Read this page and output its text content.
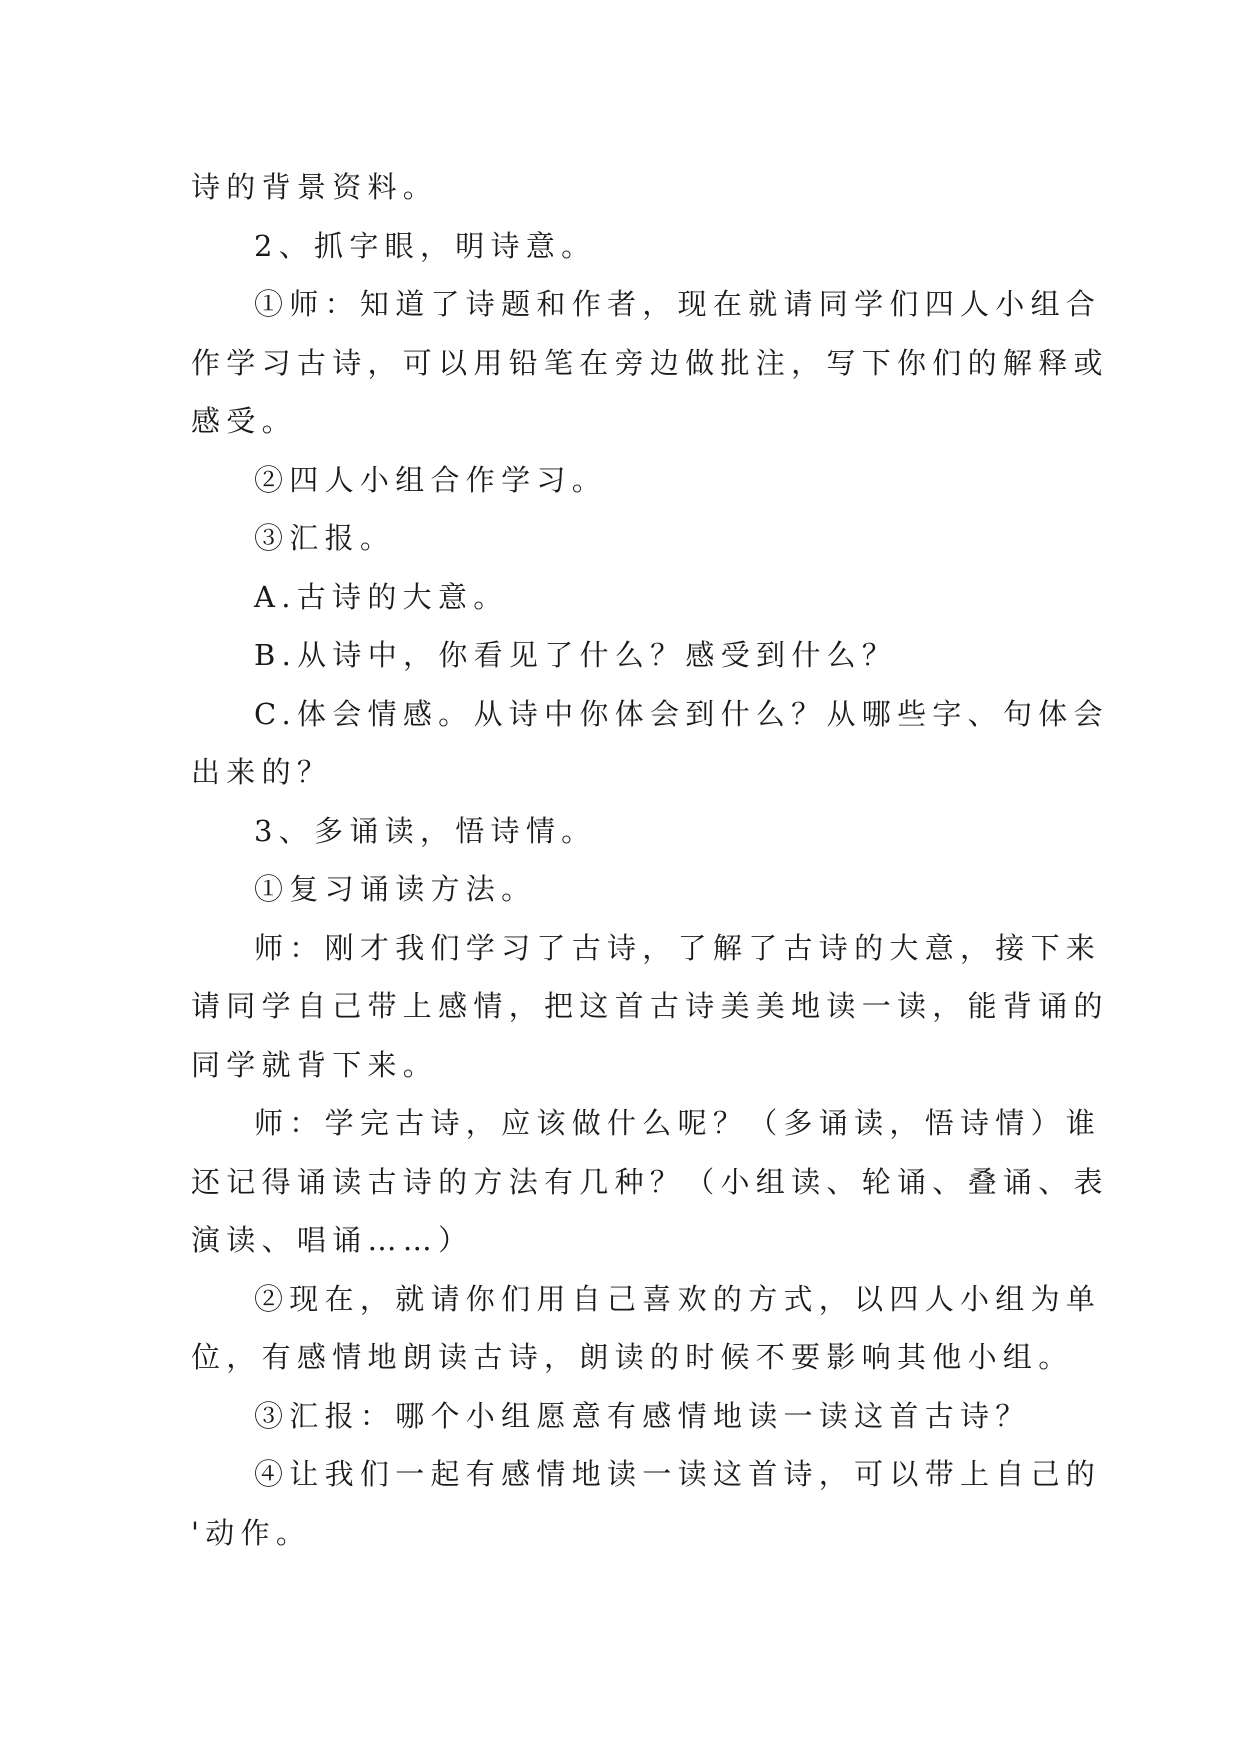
诗的背景资料。

2、抓字眼，明诗意。

①师：知道了诗题和作者，现在就请同学们四人小组合

作学习古诗，可以用铅笔在旁边做批注，写下你们的解释或

感受。

②四人小组合作学习。

③汇报。

A.古诗的大意。

B.从诗中，你看见了什么？感受到什么？

C.体会情感。从诗中你体会到什么？从哪些字、句体会

出来的？

3、多诵读，悟诗情。

①复习诵读方法。

师：刚才我们学习了古诗，了解了古诗的大意，接下来

请同学自己带上感情，把这首古诗美美地读一读，能背诵的

同学就背下来。

师：学完古诗，应该做什么呢？（多诵读，悟诗情）谁

还记得诵读古诗的方法有几种？（小组读、轮诵、叠诵、表

演读、唱诵……）

②现在，就请你们用自己喜欢的方式，以四人小组为单

位，有感情地朗读古诗，朗读的时候不要影响其他小组。

③汇报：哪个小组愿意有感情地读一读这首古诗？

④让我们一起有感情地读一读这首诗，可以带上自己的

'动作。
